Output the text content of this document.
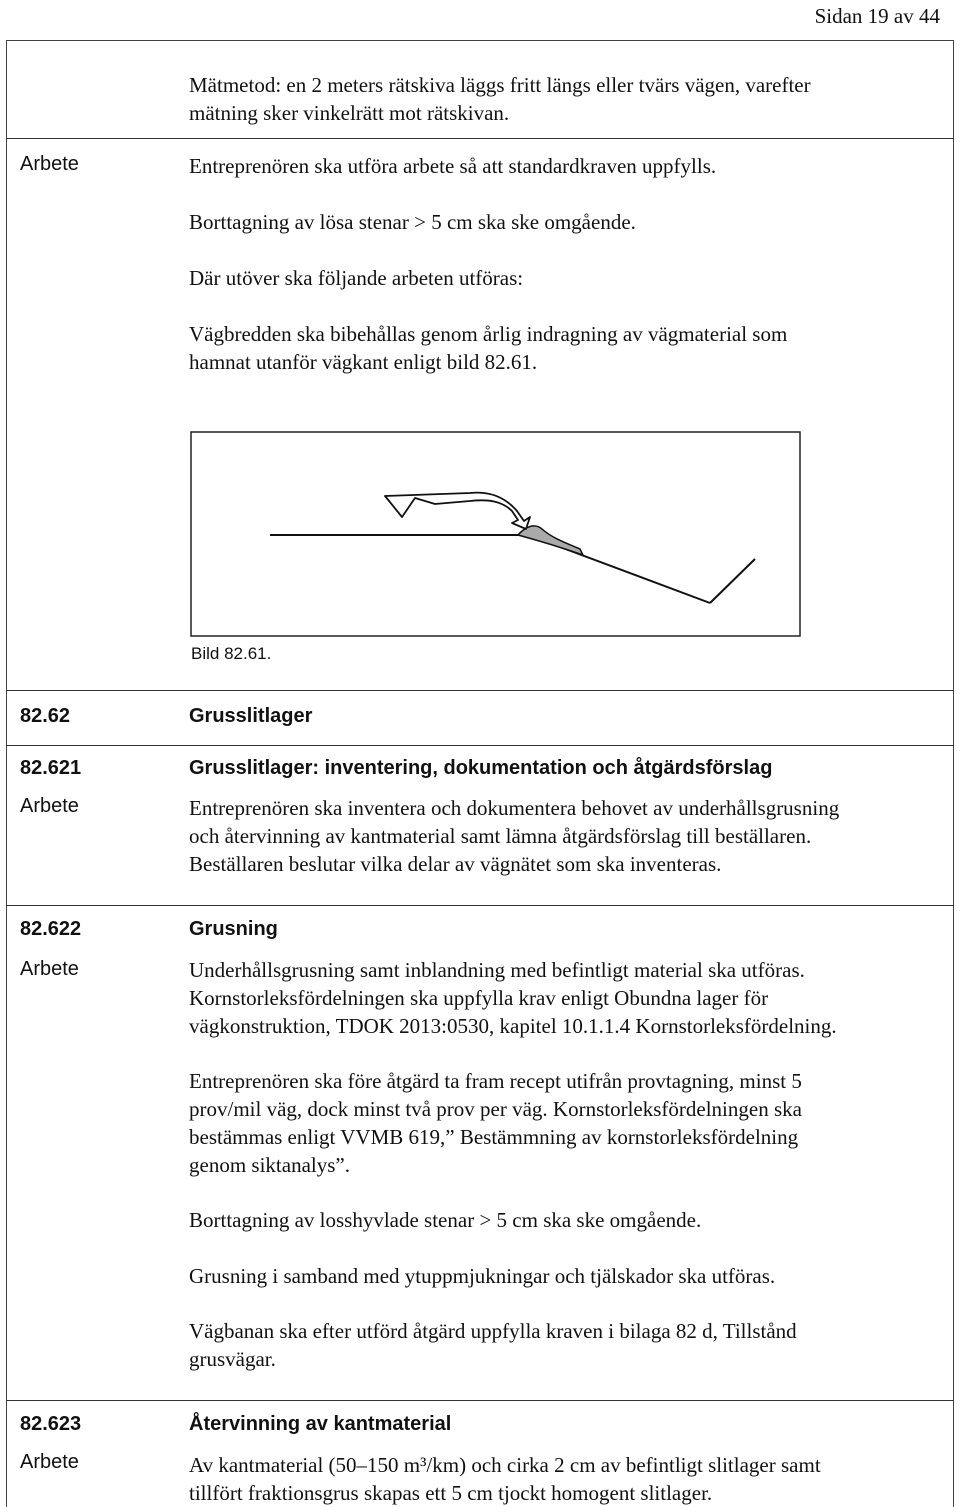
Sidan 19 av 44
Mätmetod: en 2 meters rätskiva läggs fritt längs eller tvärs vägen, varefter
mätning sker vinkelrätt mot rätskivan.
Arbete	Entreprenören ska utföra arbete så att standardkraven uppfylls.
Borttagning av lösa stenar > 5 cm ska ske omgående.
Där utöver ska följande arbeten utföras:
Vägbredden ska bibehållas genom årlig indragning av vägmaterial som
hamnat utanför vägkant enligt bild 82.61.
Bild 82.61.
82.62	Grusslitlager
82.621	Grusslitlager: inventering, dokumentation och åtgärdsförslag
Arbete	Entreprenören ska inventera och dokumentera behovet av underhållsgrusning
och återvinning av kantmaterial samt lämna åtgärdsförslag till beställaren.
Beställaren beslutar vilka delar av vägnätet som ska inventeras.
82.622	Grusning
Arbete	Underhållsgrusning samt inblandning med befintligt material ska utföras.
Kornstorleksfördelningen ska uppfylla krav enligt Obundna lager för
vägkonstruktion, TDOK 2013:0530, kapitel 10.1.1.4 Kornstorleksfördelning.
Entreprenören ska före åtgärd ta fram recept utifrån provtagning, minst 5
prov/mil väg, dock minst två prov per väg. Kornstorleksfördelningen ska
bestämmas enligt VVMB 619,” Bestämmning av kornstorleksfördelning
genom siktanalys”.
Borttagning av losshyvlade stenar > 5 cm ska ske omgående.
Grusning i samband med ytuppmjukningar och tjälskador ska utföras.
Vägbanan ska efter utförd åtgärd uppfylla kraven i bilaga 82 d, Tillstånd
grusvägar.
82.623	Återvinning av kantmaterial
Arbete	Av kantmaterial (50–150 m³/km) och cirka 2 cm av befintligt slitlager samt
tillfört fraktionsgrus skapas ett 5 cm tjockt homogent slitlager.
